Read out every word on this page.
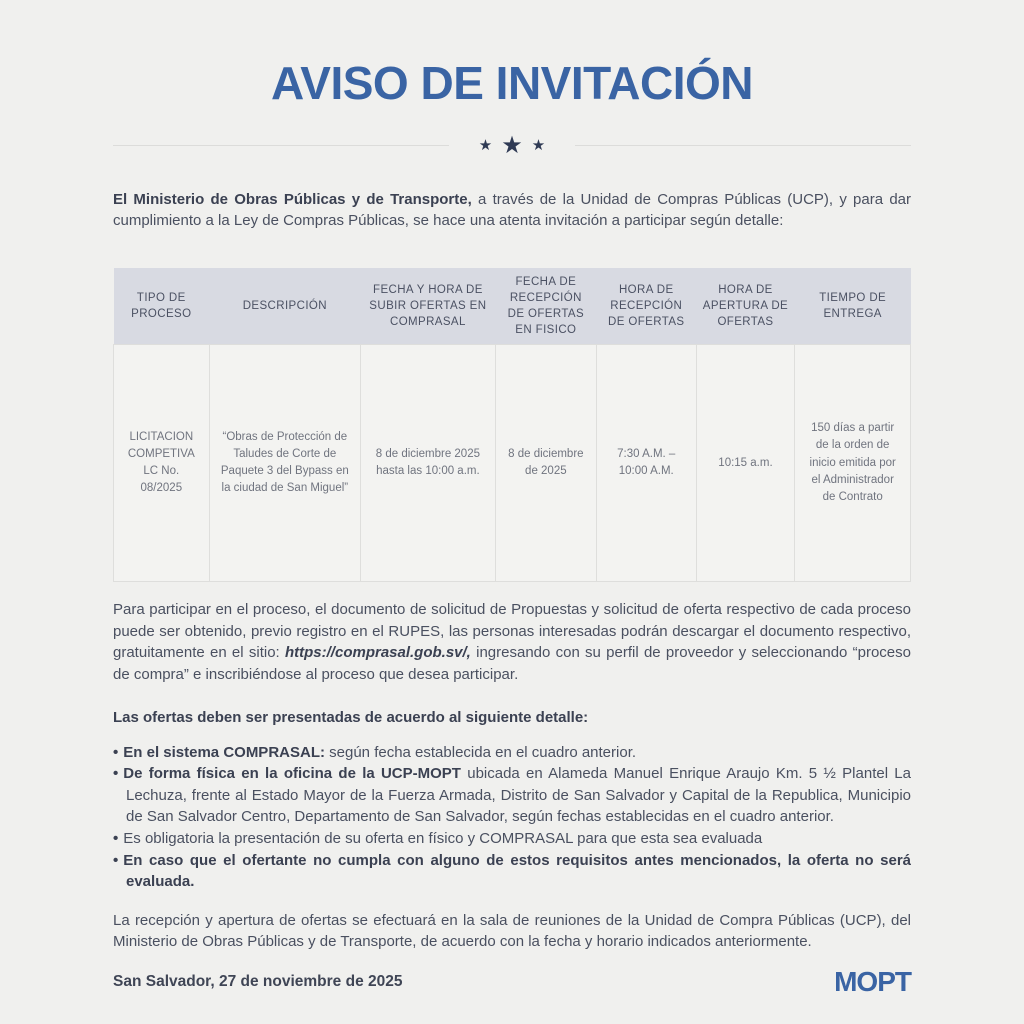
AVISO DE INVITACIÓN
★ ★ ★

El Ministerio de Obras Públicas y de Transporte, a través de la Unidad de Compras Públicas (UCP), y para dar cumplimiento a la Ley de Compras Públicas, se hace una atenta invitación a participar según detalle:

TIPO DE PROCESO	DESCRIPCIÓN	FECHA Y HORA DE SUBIR OFERTAS EN COMPRASAL	FECHA DE RECEPCIÓN DE OFERTAS EN FISICO	HORA DE RECEPCIÓN DE OFERTAS	HORA DE APERTURA DE OFERTAS	TIEMPO DE ENTREGA
LICITACION COMPETIVA LC No. 08/2025	“Obras de Protección de Taludes de Corte de Paquete 3 del Bypass en la ciudad de San Miguel”	8 de diciembre 2025 hasta las 10:00 a.m.	8 de diciembre de 2025	7:30 A.M. –10:00 A.M.	10:15 a.m.	150 días a partir de la orden de inicio emitida por el Administrador de Contrato

Para participar en el proceso, el documento de solicitud de Propuestas y solicitud de oferta respectivo de cada proceso puede ser obtenido, previo registro en el RUPES, las personas interesadas podrán descargar el documento respectivo, gratuitamente en el sitio: https://comprasal.gob.sv/, ingresando con su perfil de proveedor y seleccionando “proceso de compra” e inscribiéndose al proceso que desea participar.

Las ofertas deben ser presentadas de acuerdo al siguiente detalle:

• En el sistema COMPRASAL: según fecha establecida en el cuadro anterior.
• De forma física en la oficina de la UCP-MOPT ubicada en Alameda Manuel Enrique Araujo Km. 5 ½ Plantel La Lechuza, frente al Estado Mayor de la Fuerza Armada, Distrito de San Salvador y Capital de la Republica, Municipio de San Salvador Centro, Departamento de San Salvador, según fechas establecidas en el cuadro anterior.
• Es obligatoria la presentación de su oferta en físico y COMPRASAL para que esta sea evaluada
• En caso que el ofertante no cumpla con alguno de estos requisitos antes mencionados, la oferta no será evaluada.

La recepción y apertura de ofertas se efectuará en la sala de reuniones de la Unidad de Compra Públicas (UCP), del Ministerio de Obras Públicas y de Transporte, de acuerdo con la fecha y horario indicados anteriormente.

San Salvador, 27 de noviembre de 2025	MOPT
